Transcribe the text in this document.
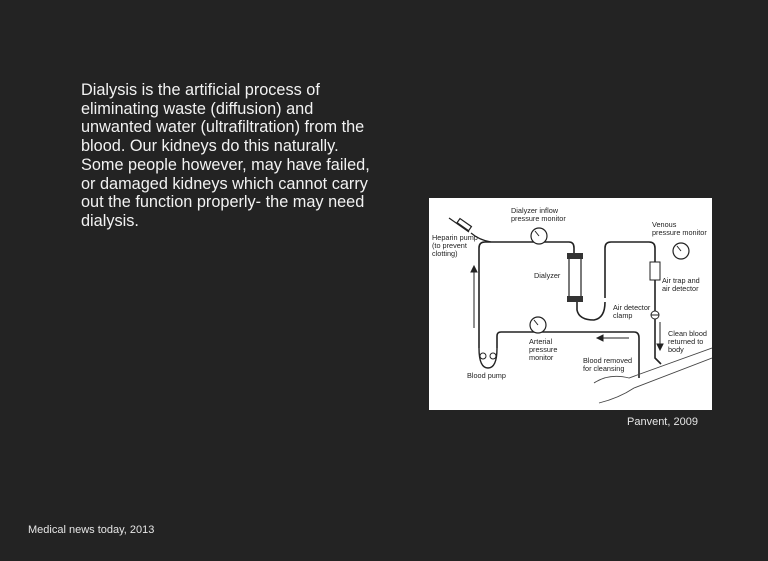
Dialysis is the artificial process of eliminating waste (diffusion) and unwanted water (ultrafiltration) from the blood. Our kidneys do this naturally. Some people however, may have failed, or damaged kidneys which cannot carry out the function properly- the may need dialysis.
Heparin pump
(to prevent
clotting)
Dialyzer inflow
pressure monitor
Venous
pressure monitor
Dialyzer
Air trap and
air detector
Air detector
clamp
Arterial
pressure
monitor
Clean blood
returned to
body
Blood removed
for cleansing
Blood pump
Panvent, 2009
Medical news today, 2013
